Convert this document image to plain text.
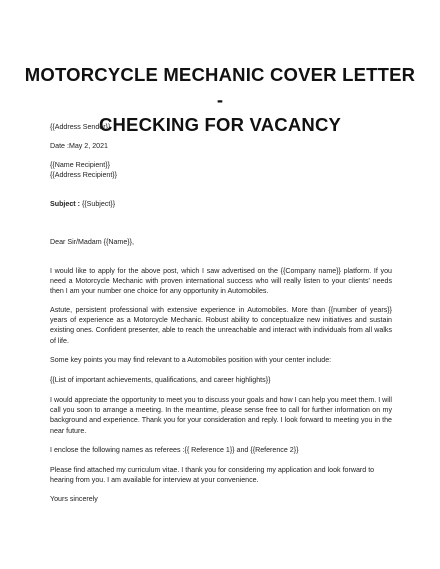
MOTORCYCLE MECHANIC COVER LETTER -
CHECKING FOR VACANCY
{{Address Sender}}
Date :May 2, 2021
{{Name Recipient}}
{{Address Recipient}}
Subject : {{Subject}}
Dear Sir/Madam {{Name}},
I would like to apply for the above post, which I saw advertised on the {{Company name}} platform. If you need a Motorcycle Mechanic with proven international success who will really listen to your clients' needs then I am your number one choice for any opportunity in Automobiles.
Astute, persistent professional with extensive experience in Automobiles. More than {{number of years}} years of experience as a Motorcycle Mechanic. Robust ability to conceptualize new initiatives and sustain existing ones. Confident presenter, able to reach the unreachable and interact with individuals from all walks of life.
Some key points you may find relevant to a Automobiles position with your center include:
{{List of important achievements, qualifications, and career highlights}}
I would appreciate the opportunity to meet you to discuss your goals and how I can help you meet them. I will call you soon to arrange a meeting. In the meantime, please sense free to call for further information on my background and experience. Thank you for your consideration and reply. I look forward to meeting you in the near future.
I enclose the following names as referees :{{ Reference 1}} and {{Reference 2}}
Please find attached my curriculum vitae. I thank you for considering my application and look forward to hearing from you. I am available for interview at your convenience.
Yours sincerely
